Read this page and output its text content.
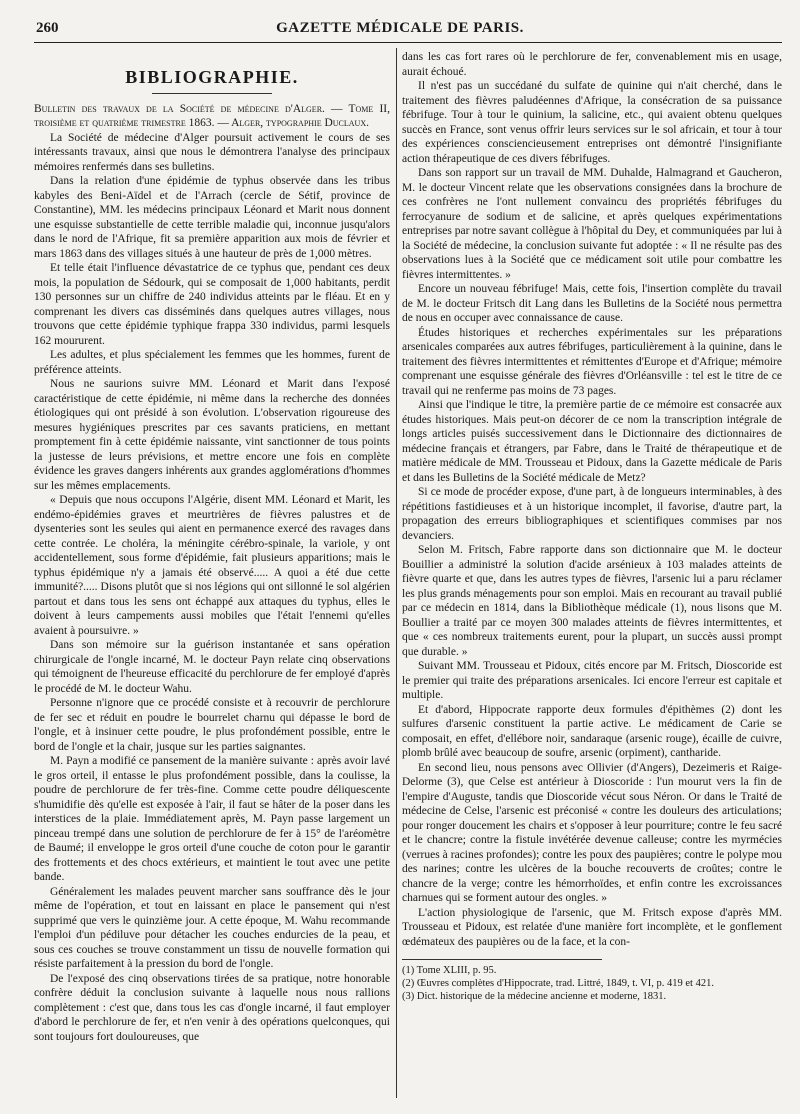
260	GAZETTE MÉDICALE DE PARIS.
BIBLIOGRAPHIE.

Bulletin des travaux de la Société de médecine d'Alger. — Tome II, troisième et quatrième trimestre 1863. — Alger, typographie Duclaux.

La Société de médecine d'Alger poursuit activement le cours de ses intéressants travaux, ainsi que nous le démontrera l'analyse des principaux mémoires renfermés dans ses bulletins.

Dans la relation d'une épidémie de typhus observée dans les tribus kabyles des Beni-Aïdel et de l'Arrach (cercle de Sétif, province de Constantine), MM. les médecins principaux Léonard et Marit nous donnent une esquisse substantielle de cette terrible maladie qui, inconnue jusqu'alors dans le nord de l'Afrique, fit sa première apparition aux mois de février et mars 1863 dans des villages situés à une hauteur de près de 1,000 mètres.

Et telle était l'influence dévastatrice de ce typhus que, pendant ces deux mois, la population de Sédourk, qui se composait de 1,000 habitants, perdit 130 personnes sur un chiffre de 240 individus atteints par le fléau. Et en y comprenant les divers cas disséminés dans quelques autres villages, nous trouvons que cette épidémie typhique frappa 330 individus, parmi lesquels 162 moururent.

Les adultes, et plus spécialement les femmes que les hommes, furent de préférence atteints.

Nous ne saurions suivre MM. Léonard et Marit dans l'exposé caractéristique de cette épidémie, ni même dans la recherche des données étiologiques qui ont présidé à son évolution. L'observation rigoureuse des mesures hygiéniques prescrites par ces savants praticiens, en mettant promptement fin à cette épidémie naissante, vint sanctionner de tous points la justesse de leurs prévisions, et mettre encore une fois en complète évidence les graves dangers inhérents aux grandes agglomérations d'hommes sur les mêmes emplacements.

« Depuis que nous occupons l'Algérie, disent MM. Léonard et Marit, les endémo-épidémies graves et meurtrières de fièvres palustres et de dysenteries sont les seules qui aient en permanence exercé des ravages dans cette contrée. Le choléra, la méningite cérébro-spinale, la variole, y ont accidentellement, sous forme d'épidémie, fait plusieurs apparitions; mais le typhus épidémique n'y a jamais été observé..... A quoi a été due cette immunité?..... Disons plutôt que si nos légions qui ont sillonné le sol algérien partout et dans tous les sens ont échappé aux attaques du typhus, elles le doivent à leurs campements aussi mobiles que l'était l'ennemi qu'elles avaient à poursuivre. »

Dans son mémoire sur la guérison instantanée et sans opération chirurgicale de l'ongle incarné, M. le docteur Payn relate cinq observations qui témoignent de l'heureuse efficacité du perchlorure de fer employé d'après le procédé de M. le docteur Wahu.

Personne n'ignore que ce procédé consiste et à recouvrir de perchlorure de fer sec et réduit en poudre le bourrelet charnu qui dépasse le bord de l'ongle, et à insinuer cette poudre, le plus profondément possible, entre le bord de l'ongle et la chair, jusque sur les parties saignantes.

M. Payn a modifié ce pansement de la manière suivante : après avoir lavé le gros orteil, il entasse le plus profondément possible, dans la coulisse, la poudre de perchlorure de fer très-fine. Comme cette poudre déliquescente s'humidifie dès qu'elle est exposée à l'air, il faut se hâter de la poser dans les interstices de la plaie. Immédiatement après, M. Payn passe largement un pinceau trempé dans une solution de perchlorure de fer à 15° de l'aréomètre de Baumé; il enveloppe le gros orteil d'une couche de coton pour le garantir des frottements et des chocs extérieurs, et maintient le tout avec une petite bande.

Généralement les malades peuvent marcher sans souffrance dès le jour même de l'opération, et tout en laissant en place le pansement qui n'est supprimé que vers le quinzième jour. A cette époque, M. Wahu recommande l'emploi d'un pédiluve pour détacher les couches endurcies de la peau, et sous ces couches se trouve constamment un tissu de nouvelle formation qui résiste parfaitement à la pression du bord de l'ongle.

De l'exposé des cinq observations tirées de sa pratique, notre honorable confrère déduit la conclusion suivante à laquelle nous nous rallions complètement : c'est que, dans tous les cas d'ongle incarné, il faut employer d'abord le perchlorure de fer, et n'en venir à des opérations quelconques, qui sont toujours fort douloureuses, que

dans les cas fort rares où le perchlorure de fer, convenablement mis en usage, aurait échoué.

Il n'est pas un succédané du sulfate de quinine qui n'ait cherché, dans le traitement des fièvres paludéennes d'Afrique, la consécration de sa puissance fébrifuge. Tour à tour le quinium, la salicine, etc., qui avaient obtenu quelques succès en France, sont venus offrir leurs services sur le sol africain, et tour à tour des expériences consciencieusement entreprises ont démontré l'insignifiante action thérapeutique de ces divers fébrifuges.

Dans son rapport sur un travail de MM. Duhalde, Halmagrand et Gaucheron, M. le docteur Vincent relate que les observations consignées dans la brochure de ces confrères ne l'ont nullement convaincu des propriétés fébrifuges du ferrocyanure de sodium et de salicine, et après quelques expérimentations entreprises par notre savant collègue à l'hôpital du Dey, et communiquées par lui à la Société de médecine, la conclusion suivante fut adoptée : « Il ne résulte pas des observations lues à la Société que ce médicament soit utile pour combattre les fièvres intermittentes. »

Encore un nouveau fébrifuge! Mais, cette fois, l'insertion complète du travail de M. le docteur Fritsch dit Lang dans les Bulletins de la Société nous permettra de nous en occuper avec connaissance de cause.

Études historiques et recherches expérimentales sur les préparations arsenicales comparées aux autres fébrifuges, particulièrement à la quinine, dans le traitement des fièvres intermittentes et rémittentes d'Europe et d'Afrique; mémoire comprenant une esquisse générale des fièvres d'Orléansville : tel est le titre de ce travail qui ne renferme pas moins de 73 pages.

Ainsi que l'indique le titre, la première partie de ce mémoire est consacrée aux études historiques. Mais peut-on décorer de ce nom la transcription intégrale de longs articles puisés successivement dans le Dictionnaire des dictionnaires de médecine français et étrangers, par Fabre, dans le Traité de thérapeutique et de matière médicale de MM. Trousseau et Pidoux, dans la Gazette médicale de Paris et dans les Bulletins de la Société médicale de Metz?

Si ce mode de procéder expose, d'une part, à de longueurs interminables, à des répétitions fastidieuses et à un historique incomplet, il favorise, d'autre part, la propagation des erreurs bibliographiques et scientifiques commises par nos devanciers.

Selon M. Fritsch, Fabre rapporte dans son dictionnaire que M. le docteur Bouillier a administré la solution d'acide arsénieux à 103 malades atteints de fièvre quarte et que, dans les autres types de fièvres, l'arsenic lui a paru réclamer les plus grands ménagements pour son emploi. Mais en recourant au travail publié par ce médecin en 1814, dans la Bibliothèque médicale (1), nous lisons que M. Boullier a traité par ce moyen 300 malades atteints de fièvres intermittentes, et que « ces nombreux traitements eurent, pour la plupart, un succès aussi prompt que durable. »

Suivant MM. Trousseau et Pidoux, cités encore par M. Fritsch, Dioscoride est le premier qui traite des préparations arsenicales. Ici encore l'erreur est capitale et multiple.

Et d'abord, Hippocrate rapporte deux formules d'épithèmes (2) dont les sulfures d'arsenic constituent la partie active. Le médicament de Carie se composait, en effet, d'ellébore noir, sandaraque (arsenic rouge), écaille de cuivre, plomb brûlé avec beaucoup de soufre, arsenic (orpiment), cantharide.

En second lieu, nous pensons avec Ollivier (d'Angers), Dezeimeris et Raige-Delorme (3), que Celse est antérieur à Dioscoride : l'un mourut vers la fin de l'empire d'Auguste, tandis que Dioscoride vécut sous Néron. Or dans le Traité de médecine de Celse, l'arsenic est préconisé « contre les douleurs des articulations; pour ronger doucement les chairs et s'opposer à leur pourriture; contre le feu sacré et le chancre; contre la fistule invétérée devenue calleuse; contre les myrmécies (verrues à racines profondes); contre les poux des paupières; contre le polype mou des narines; contre les ulcères de la bouche recouverts de croûtes; contre le chancre de la verge; contre les hémorrhoïdes, et enfin contre les excroissances charnues qui se forment autour des ongles. »

L'action physiologique de l'arsenic, que M. Fritsch expose d'après MM. Trousseau et Pidoux, est relatée d'une manière fort incomplète, et le gonflement œdémateux des paupières ou de la face, et la con-

(1) Tome XLIII, p. 95.

(2) Œuvres complètes d'Hippocrate, trad. Littré, 1849, t. VI, p. 419 et 421.

(3) Dict. historique de la médecine ancienne et moderne, 1831.
